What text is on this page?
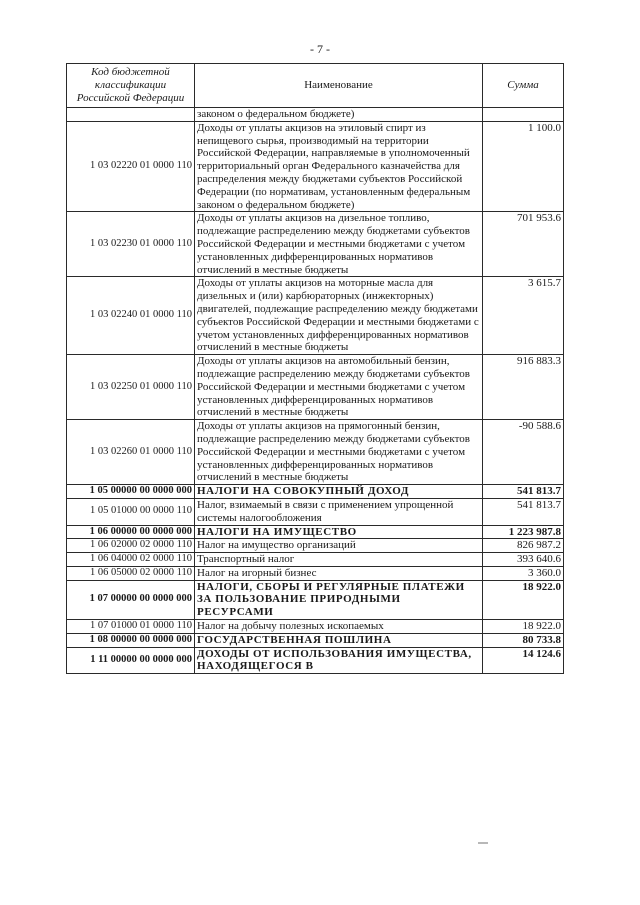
- 7 -
Код бюджетной классификации Российской Федерации	Наименование	Сумма
	законом о федеральном бюджете)	
1 03 02220 01 0000 110	Доходы от уплаты акцизов на этиловый спирт из непищевого сырья, производимый на территории Российской Федерации, направляемые в уполномоченный территориальный орган Федерального казначейства для распределения между бюджетами субъектов Российской Федерации (по нормативам, установленным федеральным законом о федеральном бюджете)	1 100.0
1 03 02230 01 0000 110	Доходы от уплаты акцизов на дизельное топливо, подлежащие распределению между бюджетами субъектов Российской Федерации и местными бюджетами с учетом установленных дифференцированных нормативов отчислений в местные бюджеты	701 953.6
1 03 02240 01 0000 110	Доходы от уплаты акцизов на моторные масла для дизельных и (или) карбюраторных (инжекторных) двигателей, подлежащие распределению между бюджетами субъектов Российской Федерации и местными бюджетами с учетом установленных дифференцированных нормативов отчислений в местные бюджеты	3 615.7
1 03 02250 01 0000 110	Доходы от уплаты акцизов на автомобильный бензин, подлежащие распределению между бюджетами субъектов Российской Федерации и местными бюджетами с учетом установленных дифференцированных нормативов отчислений в местные бюджеты	916 883.3
1 03 02260 01 0000 110	Доходы от уплаты акцизов на прямогонный бензин, подлежащие распределению между бюджетами субъектов Российской Федерации и местными бюджетами с учетом установленных дифференцированных нормативов отчислений в местные бюджеты	-90 588.6
1 05 00000 00 0000 000	НАЛОГИ НА СОВОКУПНЫЙ ДОХОД	541 813.7
1 05 01000 00 0000 110	Налог, взимаемый в связи с применением упрощенной системы налогообложения	541 813.7
1 06 00000 00 0000 000	НАЛОГИ НА ИМУЩЕСТВО	1 223 987.8
1 06 02000 02 0000 110	Налог на имущество организаций	826 987.2
1 06 04000 02 0000 110	Транспортный налог	393 640.6
1 06 05000 02 0000 110	Налог на игорный бизнес	3 360.0
1 07 00000 00 0000 000	НАЛОГИ, СБОРЫ И РЕГУЛЯРНЫЕ ПЛАТЕЖИ ЗА ПОЛЬЗОВАНИЕ ПРИРОДНЫМИ РЕСУРСАМИ	18 922.0
1 07 01000 01 0000 110	Налог на добычу полезных ископаемых	18 922.0
1 08 00000 00 0000 000	ГОСУДАРСТВЕННАЯ ПОШЛИНА	80 733.8
1 11 00000 00 0000 000	ДОХОДЫ ОТ ИСПОЛЬЗОВАНИЯ ИМУЩЕСТВА, НАХОДЯЩЕГОСЯ В	14 124.6
